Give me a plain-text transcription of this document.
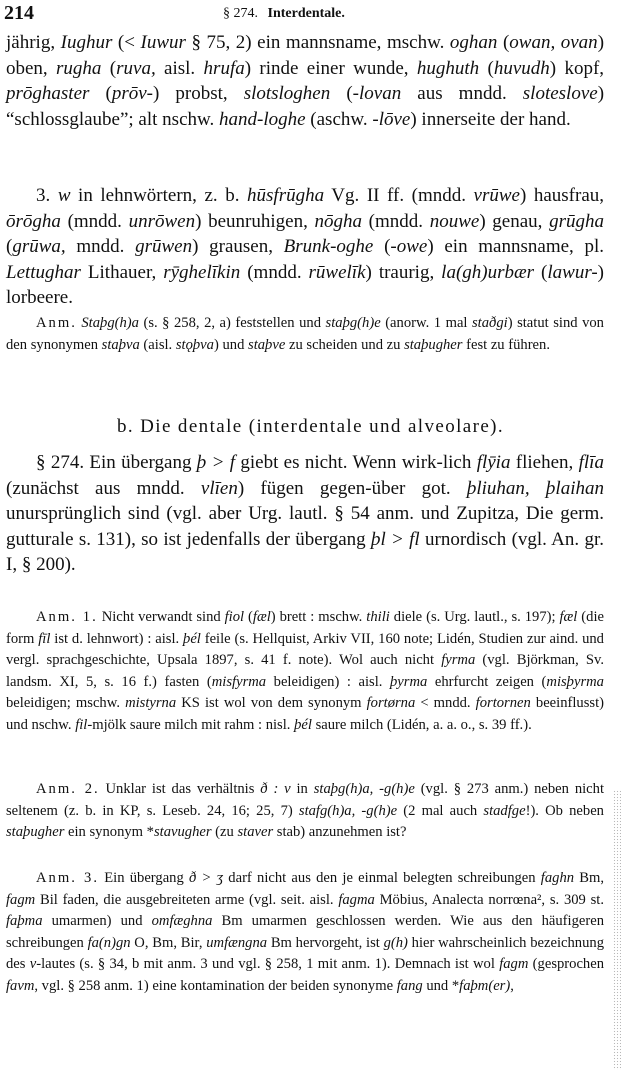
214	§ 274. Interdentale.

jährig, Iughur (< Iuwur § 75, 2) ein mannsname, mschw. oghan (owan, ovan) oben, rugha (ruva, aisl. hrufa) rinde einer wunde, hughuth (huvudh) kopf, prōghaster (prōv-) probst, slotsloghen (-lovan aus mndd. sloteslove) “schlossglaube”; alt nschw. hand-loghe (aschw. -lōve) innerseite der hand.

3. w in lehnwörtern, z. b. hūsfrūgha Vg. II ff. (mndd. vrūwe) hausfrau, ōrōgha (mndd. unrōwen) beunruhigen, nōgha (mndd. nouwe) genau, grūgha (grūwa, mndd. grūwen) grausen, Brunk-oghe (-owe) ein mannsname, pl. Lettughar Lithauer, rȳghelīkin (mndd. rūwelīk) traurig, la(gh)urbær (lawur-) lorbeere.

Anm. Staþg(h)a (s. § 258, 2, a) feststellen und staþg(h)e (anorw. 1 mal staðgi) statut sind von den synonymen staþva (aisl. stǫþva) und staþve zu scheiden und zu staþugher fest zu führen.

b. Die dentale (interdentale und alveolare).

§ 274. Ein übergang þ > f giebt es nicht. Wenn wirk-lich flȳia fliehen, flīa (zunächst aus mndd. vlīen) fügen gegen-über got. þliuhan, þlaihan unursprünglich sind (vgl. aber Urg. lautl. § 54 anm. und Zupitza, Die germ. gutturale s. 131), so ist jedenfalls der übergang þl > fl urnordisch (vgl. An. gr. I, § 200).

Anm. 1. Nicht verwandt sind fiol (fæl) brett : mschw. thili diele (s. Urg. lautl., s. 197); fæl (die form fīl ist d. lehnwort) : aisl. þél feile (s. Hellquist, Arkiv VII, 160 note; Lidén, Studien zur aind. und vergl. sprachgeschichte, Upsala 1897, s. 41 f. note). Wol auch nicht fyrma (vgl. Björkman, Sv. landsm. XI, 5, s. 16 f.) fasten (misfyrma beleidigen) : aisl. þyrma ehrfurcht zeigen (misþyrma beleidigen; mschw. mistyrna KS ist wol von dem synonym fortørna < mndd. fortornen beeinflusst) und nschw. fil-mjölk saure milch mit rahm : nisl. þél saure milch (Lidén, a. a. o., s. 39 ff.).

Anm. 2. Unklar ist das verhältnis ð : v in staþg(h)a, -g(h)e (vgl. § 273 anm.) neben nicht seltenem (z. b. in KP, s. Leseb. 24, 16; 25, 7) stafg(h)a, -g(h)e (2 mal auch stadfge!). Ob neben staþugher ein synonym *stavugher (zu staver stab) anzunehmen ist?

Anm. 3. Ein übergang ð > ʒ darf nicht aus den je einmal belegten schreibungen faghn Bm, fagm Bil faden, die ausgebreiteten arme (vgl. seit. aisl. fagma Möbius, Analecta norrœna², s. 309 st. faþma umarmen) und omfæghna Bm umarmen geschlossen werden. Wie aus den häufigeren schreibungen fa(n)gn O, Bm, Bir, umfængna Bm hervorgeht, ist g(h) hier wahrscheinlich bezeichnung des v-lautes (s. § 34, b mit anm. 3 und vgl. § 258, 1 mit anm. 1). Demnach ist wol fagm (gesprochen favm, vgl. § 258 anm. 1) eine kontamination der beiden synonyme fang und *faþm(er),
